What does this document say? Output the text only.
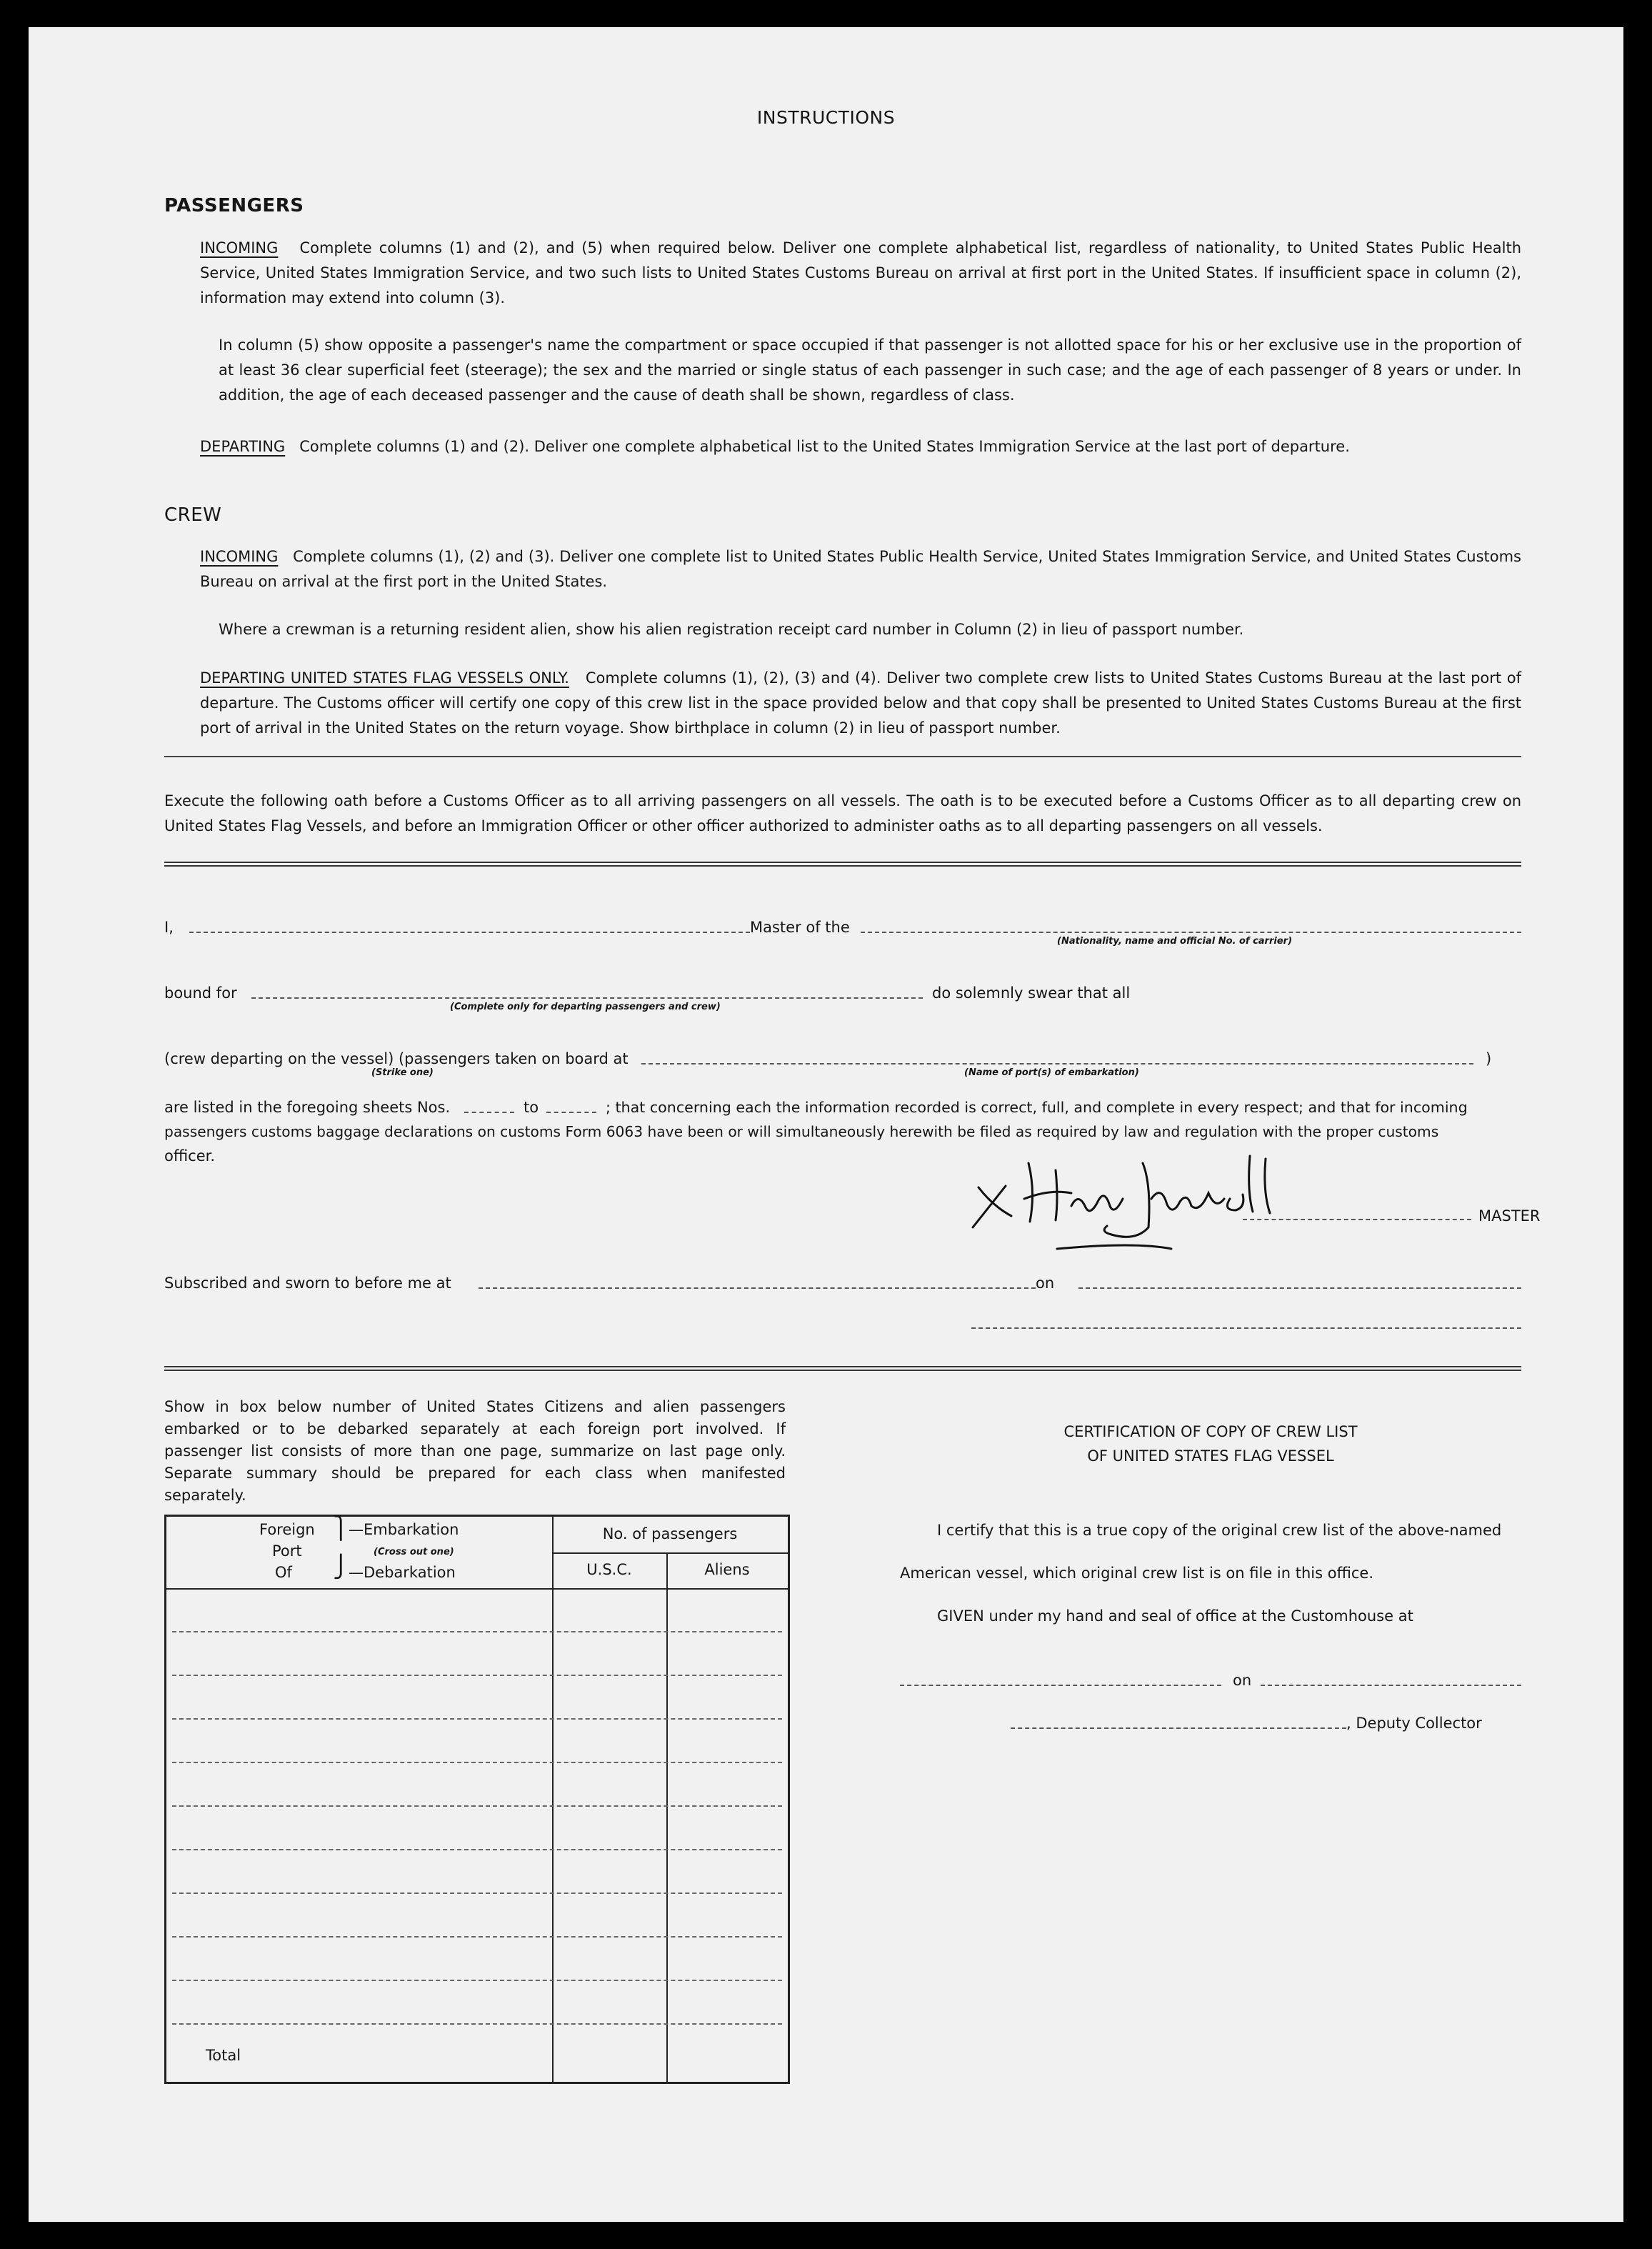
INSTRUCTIONS
PASSENGERS
INCOMING Complete columns (1) and (2), and (5) when required below. Deliver one complete alphabetical list, regardless of nationality, to United States Public Health Service, United States Immigration Service, and two such lists to United States Customs Bureau on arrival at first port in the United States. If insufficient space in column (2), information may extend into column (3).
In column (5) show opposite a passenger's name the compartment or space occupied if that passenger is not allotted space for his or her exclusive use in the proportion of at least 36 clear superficial feet (steerage); the sex and the married or single status of each passenger in such case; and the age of each passenger of 8 years or under. In addition, the age of each deceased passenger and the cause of death shall be shown, regardless of class.
DEPARTING Complete columns (1) and (2). Deliver one complete alphabetical list to the United States Immigration Service at the last port of departure.
CREW
INCOMING Complete columns (1), (2) and (3). Deliver one complete list to United States Public Health Service, United States Immigration Service, and United States Customs Bureau on arrival at the first port in the United States.
Where a crewman is a returning resident alien, show his alien registration receipt card number in Column (2) in lieu of passport number.
DEPARTING UNITED STATES FLAG VESSELS ONLY. Complete columns (1), (2), (3) and (4). Deliver two complete crew lists to United States Customs Bureau at the last port of departure. The Customs officer will certify one copy of this crew list in the space provided below and that copy shall be presented to United States Customs Bureau at the first port of arrival in the United States on the return voyage. Show birthplace in column (2) in lieu of passport number.
Execute the following oath before a Customs Officer as to all arriving passengers on all vessels. The oath is to be executed before a Customs Officer as to all departing crew on United States Flag Vessels, and before an Immigration Officer or other officer authorized to administer oaths as to all departing passengers on all vessels.
I,	Master of the
(Nationality, name and official No. of carrier)
bound for
(Complete only for departing passengers and crew)
do solemnly swear that all
(crew departing on the vessel) (passengers taken on board at	)
(Strike one)	(Name of port(s) of embarkation)
are listed in the foregoing sheets Nos.	to	; that concerning each the information recorded is correct, full, and complete in every respect; and that for incoming
passengers customs baggage declarations on customs Form 6063 have been or will simultaneously herewith be filed as required by law and regulation with the proper customs
officer.
MASTER
Subscribed and sworn to before me at	on
Show in box below number of United States Citizens and alien passengers embarked or to be debarked separately at each foreign port involved. If passenger list consists of more than one page, summarize on last page only. Separate summary should be prepared for each class when manifested separately.
Foreign
Port
Of
⎫ —Embarkation
(Cross out one)
⎭ —Debarkation
No. of passengers
U.S.C.	Aliens
Total
CERTIFICATION OF COPY OF CREW LIST
OF UNITED STATES FLAG VESSEL
I certify that this is a true copy of the original crew list of the above-named
American vessel, which original crew list is on file in this office.
GIVEN under my hand and seal of office at the Customhouse at
on
, Deputy Collector
